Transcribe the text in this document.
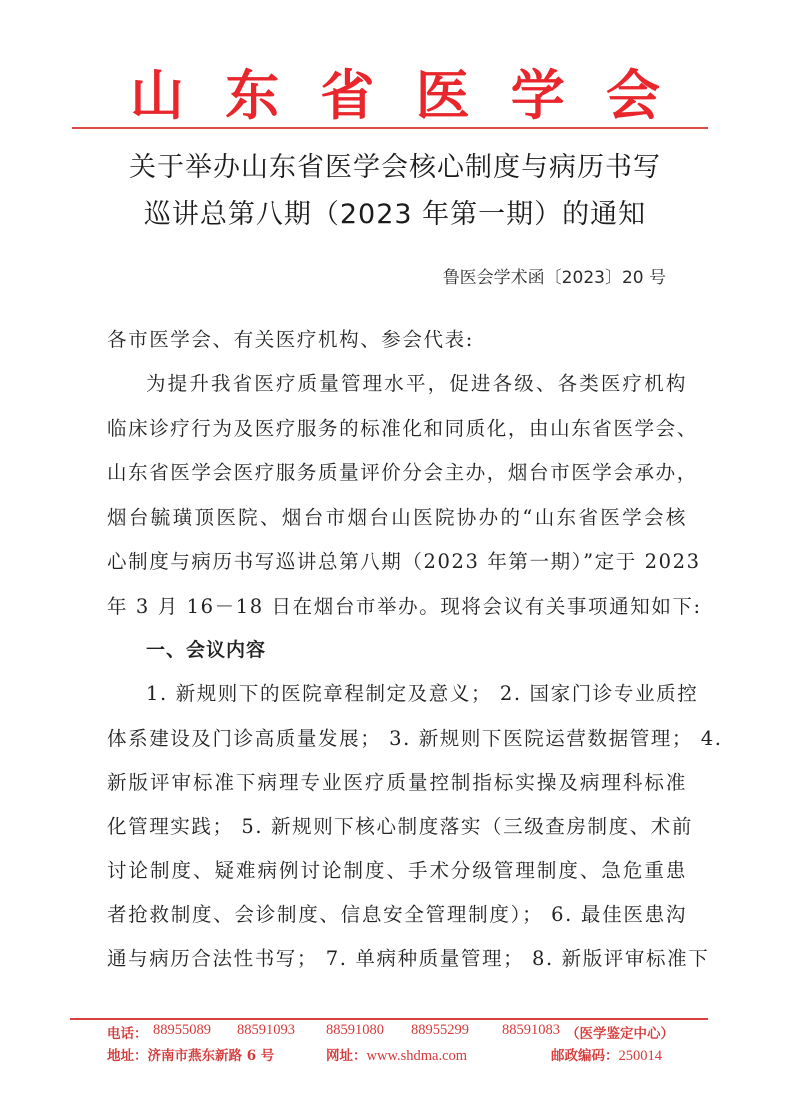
山 东 省 医 学 会
关于举办山东省医学会核心制度与病历书写
巡讲总第八期（2023 年第一期）的通知
鲁医会学术函〔2023〕20 号
各市医学会、有关医疗机构、参会代表:
为提升我省医疗质量管理水平，促进各级、各类医疗机构
临床诊疗行为及医疗服务的标准化和同质化，由山东省医学会、
山东省医学会医疗服务质量评价分会主办，烟台市医学会承办，
烟台毓璜顶医院、烟台市烟台山医院协办的“山东省医学会核
心制度与病历书写巡讲总第八期（2023 年第一期）”定于 2023
年 3 月 16－18 日在烟台市举办。现将会议有关事项通知如下:
一、会议内容
1. 新规则下的医院章程制定及意义； 2. 国家门诊专业质控
体系建设及门诊高质量发展； 3. 新规则下医院运营数据管理； 4.
新版评审标准下病理专业医疗质量控制指标实操及病理科标准
化管理实践； 5. 新规则下核心制度落实（三级查房制度、术前
讨论制度、疑难病例讨论制度、手术分级管理制度、急危重患
者抢救制度、会诊制度、信息安全管理制度）； 6. 最佳医患沟
通与病历合法性书写； 7. 单病种质量管理； 8. 新版评审标准下
电话： 88955089 88591093 88591080 88955299 88591083 （医学鉴定中心）
地址：济南市燕东新路 6 号	网址：www.shdma.com	邮政编码：250014
